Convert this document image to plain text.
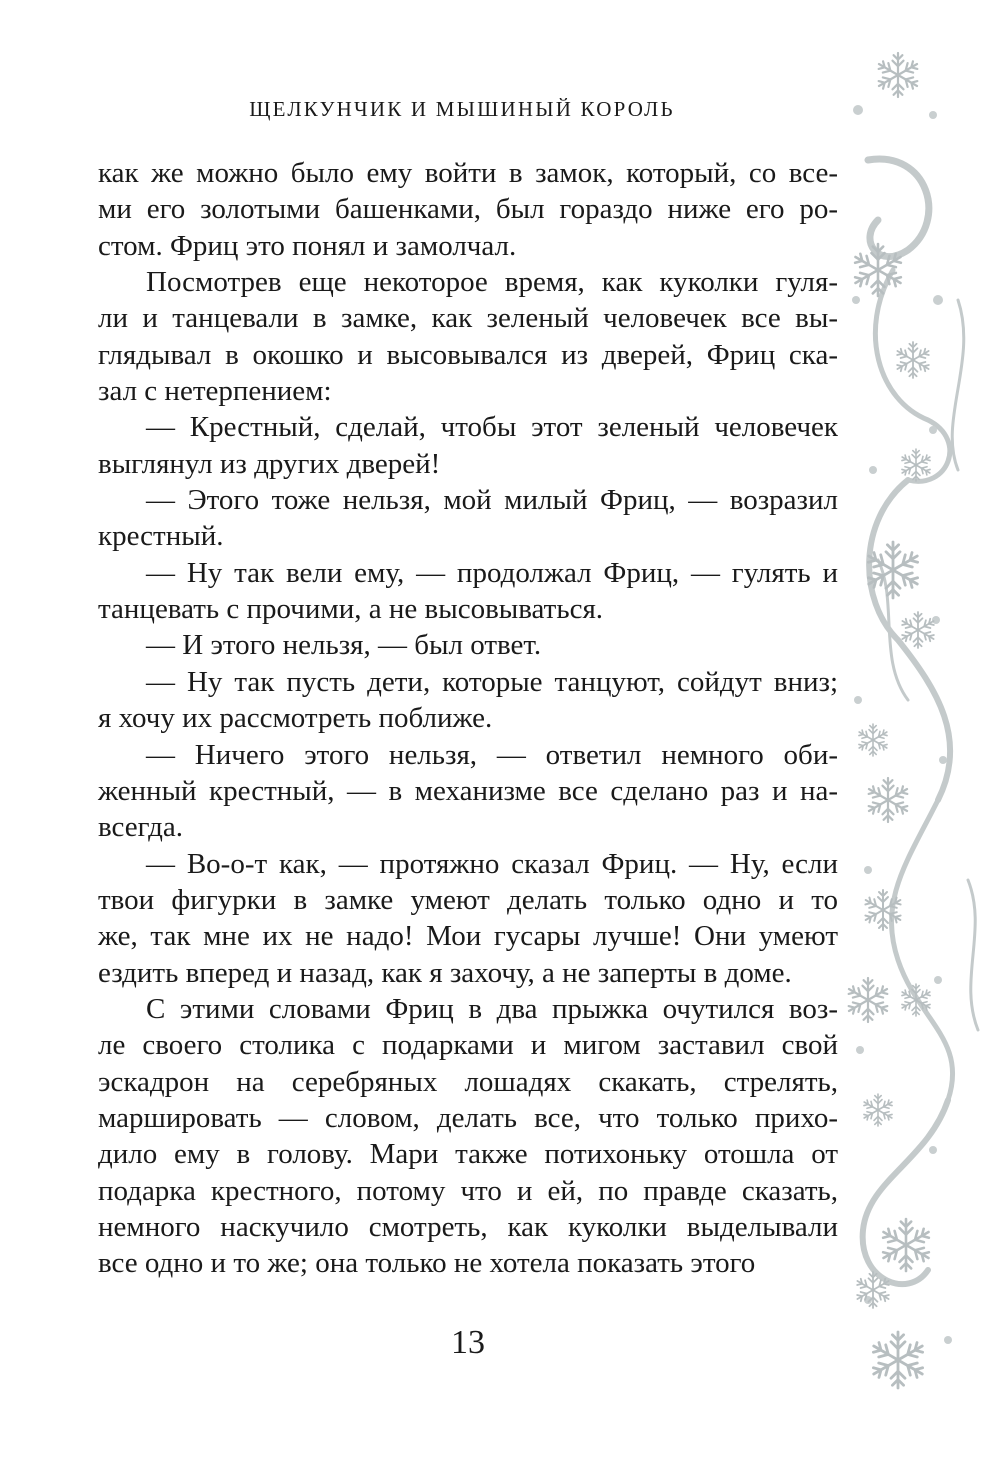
ЩЕЛКУНЧИК И МЫШИНЫЙ КОРОЛЬ
как же можно было ему войти в замок, который, со все-
ми его золотыми башенками, был гораздо ниже его ро-
стом. Фриц это понял и замолчал.
Посмотрев еще некоторое время, как куколки гуля-
ли и танцевали в замке, как зеленый человечек все вы-
глядывал в окошко и высовывался из дверей, Фриц ска-
зал с нетерпением:
— Крестный, сделай, чтобы этот зеленый человечек
выглянул из других дверей!
— Этого тоже нельзя, мой милый Фриц, — возразил
крестный.
— Ну так вели ему, — продолжал Фриц, — гулять и
танцевать с прочими, а не высовываться.
— И этого нельзя, — был ответ.
— Ну так пусть дети, которые танцуют, сойдут вниз;
я хочу их рассмотреть поближе.
— Ничего этого нельзя, — ответил немного оби-
женный крестный, — в механизме все сделано раз и на-
всегда.
— Во-о-т как, — протяжно сказал Фриц. — Ну, если
твои фигурки в замке умеют делать только одно и то
же, так мне их не надо! Мои гусары лучше! Они умеют
ездить вперед и назад, как я захочу, а не заперты в доме.
С этими словами Фриц в два прыжка очутился воз-
ле своего столика с подарками и мигом заставил свой
эскадрон на серебряных лошадях скакать, стрелять,
маршировать — словом, делать все, что только прихо-
дило ему в голову. Мари также потихоньку отошла от
подарка крестного, потому что и ей, по правде сказать,
немного наскучило смотреть, как куколки выделывали
все одно и то же; она только не хотела показать этого
13
